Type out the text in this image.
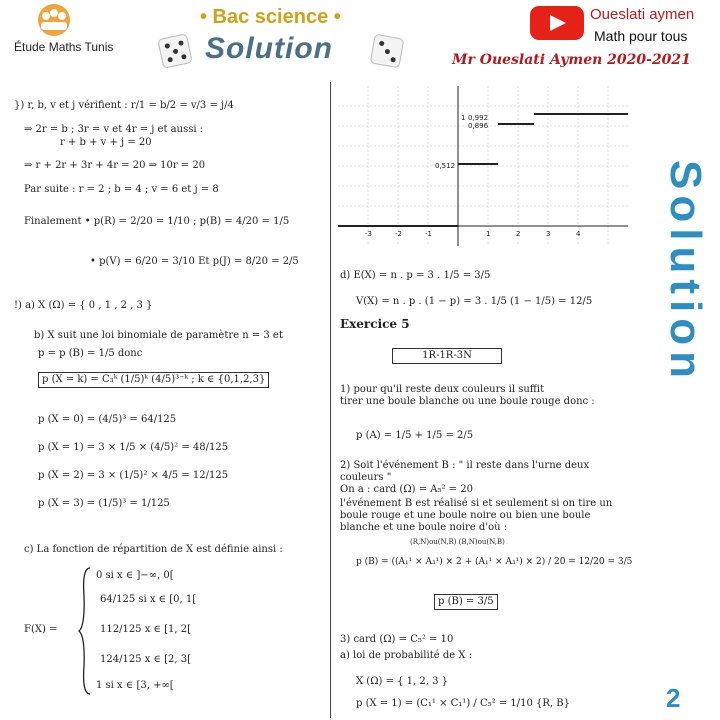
Étude Maths Tunis
• Bac science •
Solution
Oueslati aymen
Math pour tous
Mr Oueslati Aymen 2020-2021
Solution
2
}) r, b, v et j vérifient : r/1 = b/2 = v/3 = j/4
⇒ 2r = b ; 3r = v et 4r = j et aussi :
r + b + v + j = 20
⇒ r + 2r + 3r + 4r = 20 ⇒ 10r = 20
Par suite : r = 2 ; b = 4 ; v = 6 et j = 8
Finalement • p(R) = 2/20 = 1/10 ; p(B) = 4/20 = 1/5
• p(V) = 6/20 = 3/10 Et p(J) = 8/20 = 2/5
!) a) X (Ω) = { 0 , 1 , 2 , 3 }
b) X suit une loi binomiale de paramètre n = 3 et
p = p (B) = 1/5 donc
p (X = k) = C₃ᵏ (1/5)ᵏ (4/5)³⁻ᵏ ; k ∈ {0,1,2,3}
p (X = 0) = (4/5)³ = 64/125
p (X = 1) = 3 × 1/5 × (4/5)² = 48/125
p (X = 2) = 3 × (1/5)² × 4/5 = 12/125
p (X = 3) = (1/5)³ = 1/125
c) La fonction de répartition de X est définie ainsi :
F(X) =
0 si x ∈ ]−∞, 0[
64/125 si x ∈ [0, 1[
112/125 x ∈ [1, 2[
124/125 x ∈ [2, 3[
1 si x ∈ [3, +∞[
-3	-2	-1	1	2	3	4
1 0,992
0,896
0,512
d) E(X) = n . p = 3 . 1/5 = 3/5
V(X) = n . p . (1 − p) = 3 . 1/5 (1 − 1/5) = 12/5
Exercice 5
1R-1R-3N
1) pour qu'il reste deux couleurs il suffit
tirer une boule blanche ou une boule rouge donc :
p (A) = 1/5 + 1/5 = 2/5
2) Soit l'événement B : " il reste dans l'urne deux
couleurs "
On a : card (Ω) = A₅² = 20
l'événement B est réalisé si et seulement si on tire un
boule rouge et une boule noire ou bien une boule
blanche et une boule noire d'où :
(R,N)ou(N,R) (B,N)ou(N,B)
p (B) = ((A₁¹ × A₃¹) × 2 + (A₁¹ × A₃¹) × 2) / 20 = 12/20 = 3/5
p (B) = 3/5
3) card (Ω) = C₅² = 10
a) loi de probabilité de X :
X (Ω) = { 1, 2, 3 }
p (X = 1) = (C₁¹ × C₁¹) / C₅² = 1/10 {R, B}
